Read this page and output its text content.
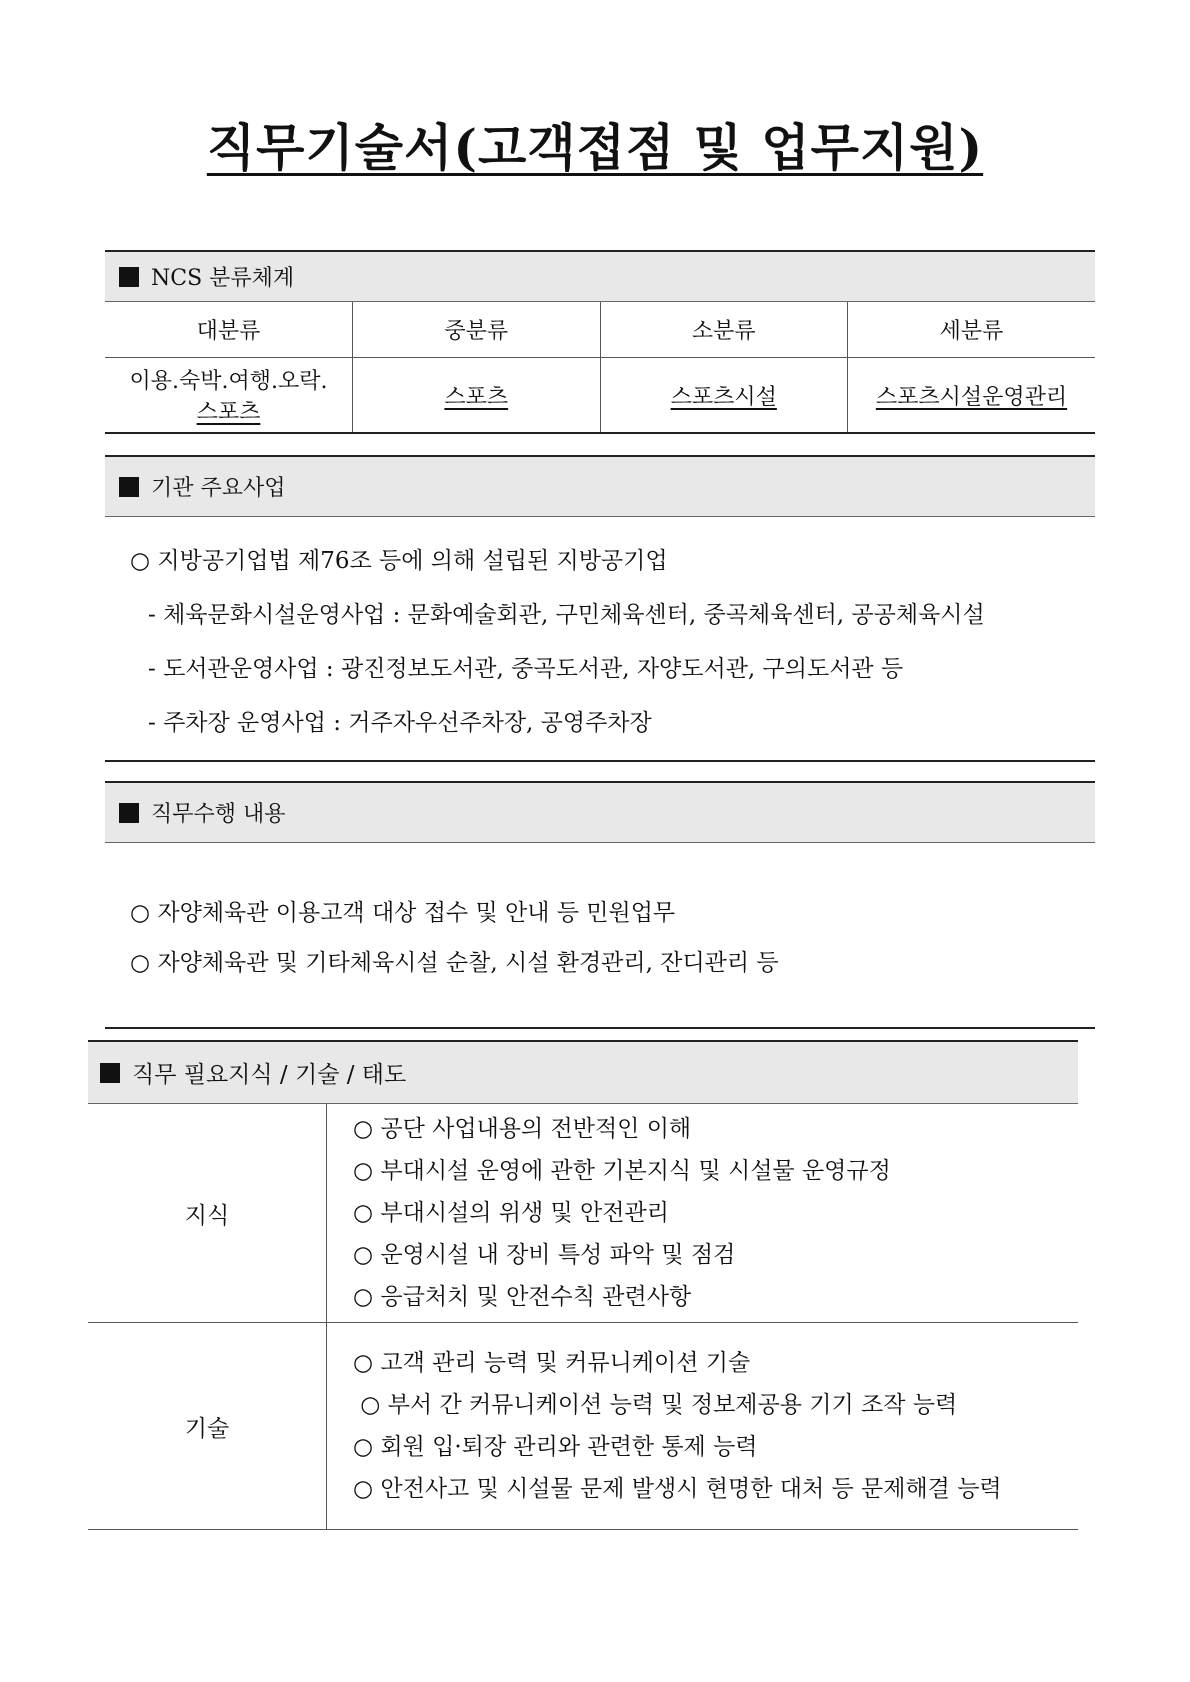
직무기술서(고객접점 및 업무지원)
NCS 분류체계
대분류	중분류	소분류	세분류

이용.숙박.여행.오락.
스포츠	스포츠	스포츠시설	스포츠시설운영관리
기관 주요사업
○ 지방공기업법 제76조 등에 의해 설립된 지방공기업
- 체육문화시설운영사업 : 문화예술회관, 구민체육센터, 중곡체육센터, 공공체육시설
- 도서관운영사업 : 광진정보도서관, 중곡도서관, 자양도서관, 구의도서관 등
- 주차장 운영사업 : 거주자우선주차장, 공영주차장
직무수행 내용
○ 자양체육관 이용고객 대상 접수 및 안내 등 민원업무
○ 자양체육관 및 기타체육시설 순찰, 시설 환경관리, 잔디관리 등
직무 필요지식 / 기술 / 태도
지식	○ 공단 사업내용의 전반적인 이해
○ 부대시설 운영에 관한 기본지식 및 시설물 운영규정
○ 부대시설의 위생 및 안전관리
○ 운영시설 내 장비 특성 파악 및 점검
○ 응급처치 및 안전수칙 관련사항

기술	○ 고객 관리 능력 및 커뮤니케이션 기술
○ 부서 간 커뮤니케이션 능력 및 정보제공용 기기 조작 능력
○ 회원 입·퇴장 관리와 관련한 통제 능력
○ 안전사고 및 시설물 문제 발생시 현명한 대처 등 문제해결 능력
